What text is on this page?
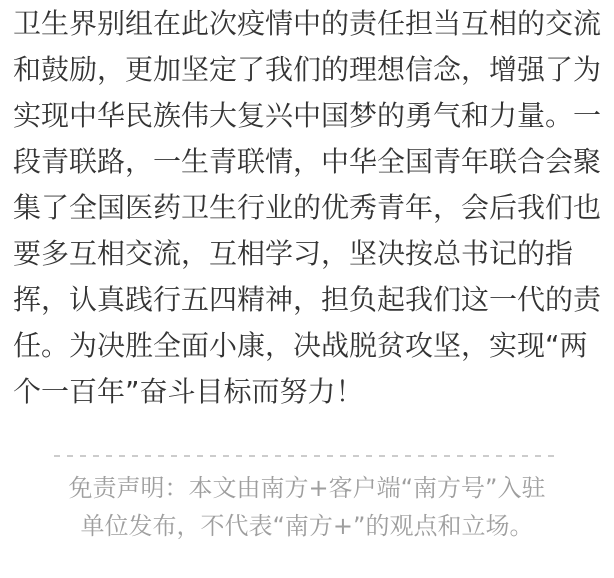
卫生界别组在此次疫情中的责任担当互相的交流和鼓励，更加坚定了我们的理想信念，增强了为实现中华民族伟大复兴中国梦的勇气和力量。一段青联路，一生青联情，中华全国青年联合会聚集了全国医药卫生行业的优秀青年，会后我们也要多互相交流，互相学习，坚决按总书记的指挥，认真践行五四精神，担负起我们这一代的责任。为决胜全面小康，决战脱贫攻坚，实现“两个一百年”奋斗目标而努力！

免责声明：本文由南方+客户端“南方号”入驻单位发布，不代表“南方+”的观点和立场。
